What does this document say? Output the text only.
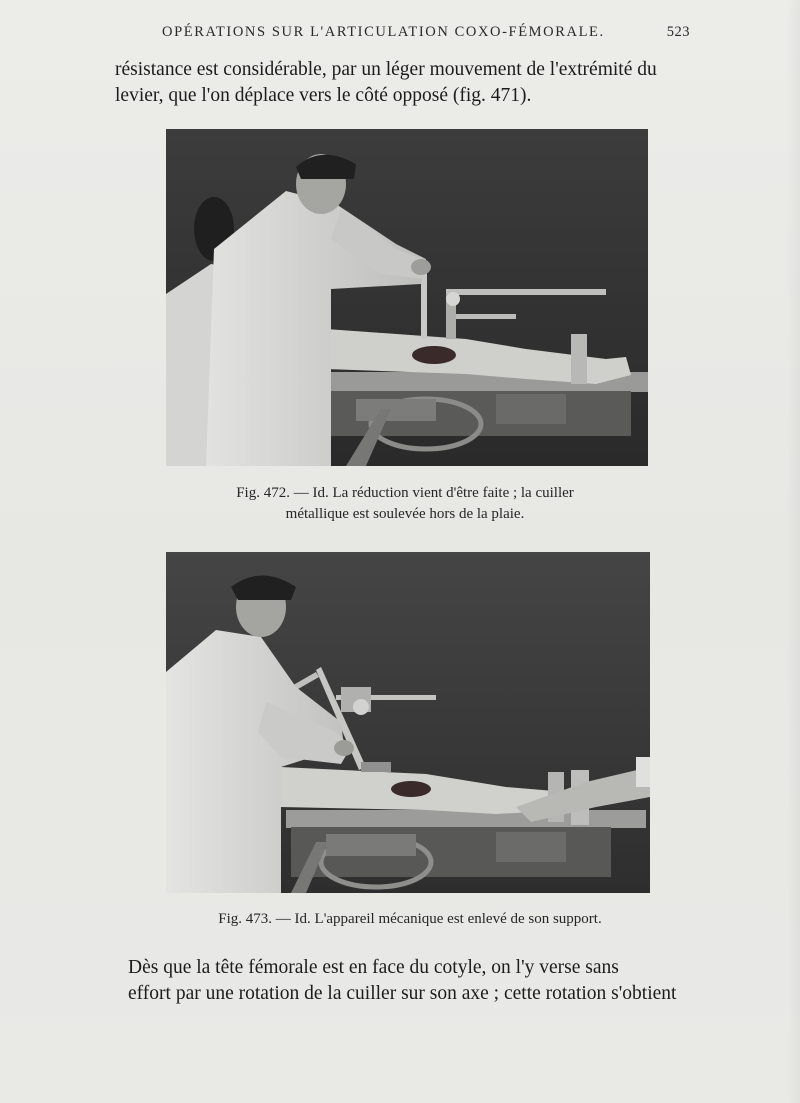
OPÉRATIONS SUR L'ARTICULATION COXO-FÉMORALE.	523
résistance est considérable, par un léger mouvement de l'extrémité du
levier, que l'on déplace vers le côté opposé (fig. 471).
Fig. 472. — Id. La réduction vient d'être faite ; la cuiller
métallique est soulevée hors de la plaie.
Fig. 473. — Id. L'appareil mécanique est enlevé de son support.
Dès que la tête fémorale est en face du cotyle, on l'y verse sans
effort par une rotation de la cuiller sur son axe ; cette rotation s'obtient
